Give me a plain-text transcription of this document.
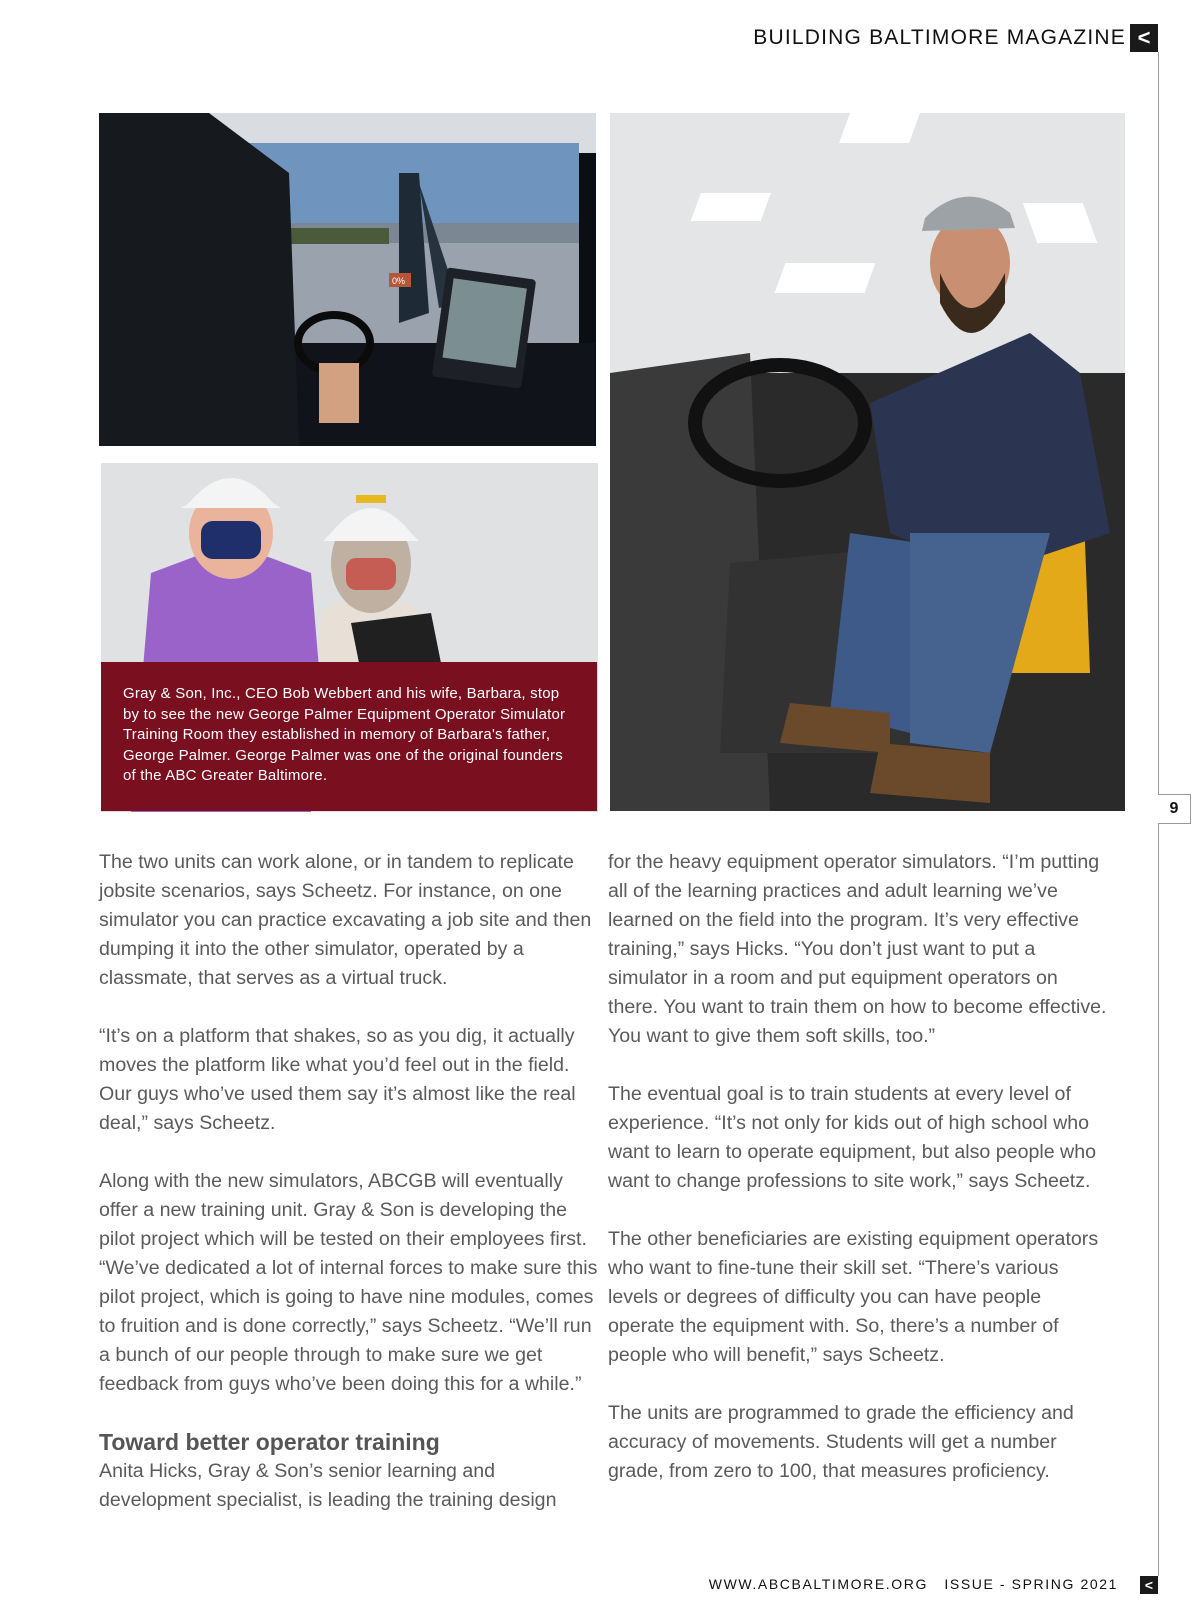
BUILDING BALTIMORE MAGAZINE <
9
0%
Gray & Son, Inc., CEO Bob Webbert and his wife, Barbara, stop by to see the new George Palmer Equipment Operator Simulator Training Room they established in memory of Barbara's father, George Palmer. George Palmer was one of the original founders of the ABC Greater Baltimore.

The two units can work alone, or in tandem to replicate jobsite scenarios, says Scheetz. For instance, on one simulator you can practice excavating a job site and then dumping it into the other simulator, operated by a classmate, that serves as a virtual truck.

“It’s on a platform that shakes, so as you dig, it actually moves the platform like what you’d feel out in the field. Our guys who’ve used them say it’s almost like the real deal,” says Scheetz.

Along with the new simulators, ABCGB will eventually offer a new training unit. Gray & Son is developing the pilot project which will be tested on their employees first. “We’ve dedicated a lot of internal forces to make sure this pilot project, which is going to have nine modules, comes to fruition and is done correctly,” says Scheetz. “We’ll run a bunch of our people through to make sure we get feedback from guys who’ve been doing this for a while.”

Toward better operator training

Anita Hicks, Gray & Son’s senior learning and development specialist, is leading the training design

for the heavy equipment operator simulators. “I’m putting all of the learning practices and adult learning we’ve learned on the field into the program. It’s very effective training,” says Hicks. “You don’t just want to put a simulator in a room and put equipment operators on there. You want to train them on how to become effective. You want to give them soft skills, too.”

The eventual goal is to train students at every level of experience. “It’s not only for kids out of high school who want to learn to operate equipment, but also people who want to change professions to site work,” says Scheetz.

The other beneficiaries are existing equipment operators who want to fine-tune their skill set. “There’s various levels or degrees of difficulty you can have people operate the equipment with. So, there’s a number of people who will benefit,” says Scheetz.

The units are programmed to grade the efficiency and accuracy of movements. Students will get a number grade, from zero to 100, that measures proficiency.

WWW.ABCBALTIMORE.ORG   ISSUE - SPRING 2021	<
